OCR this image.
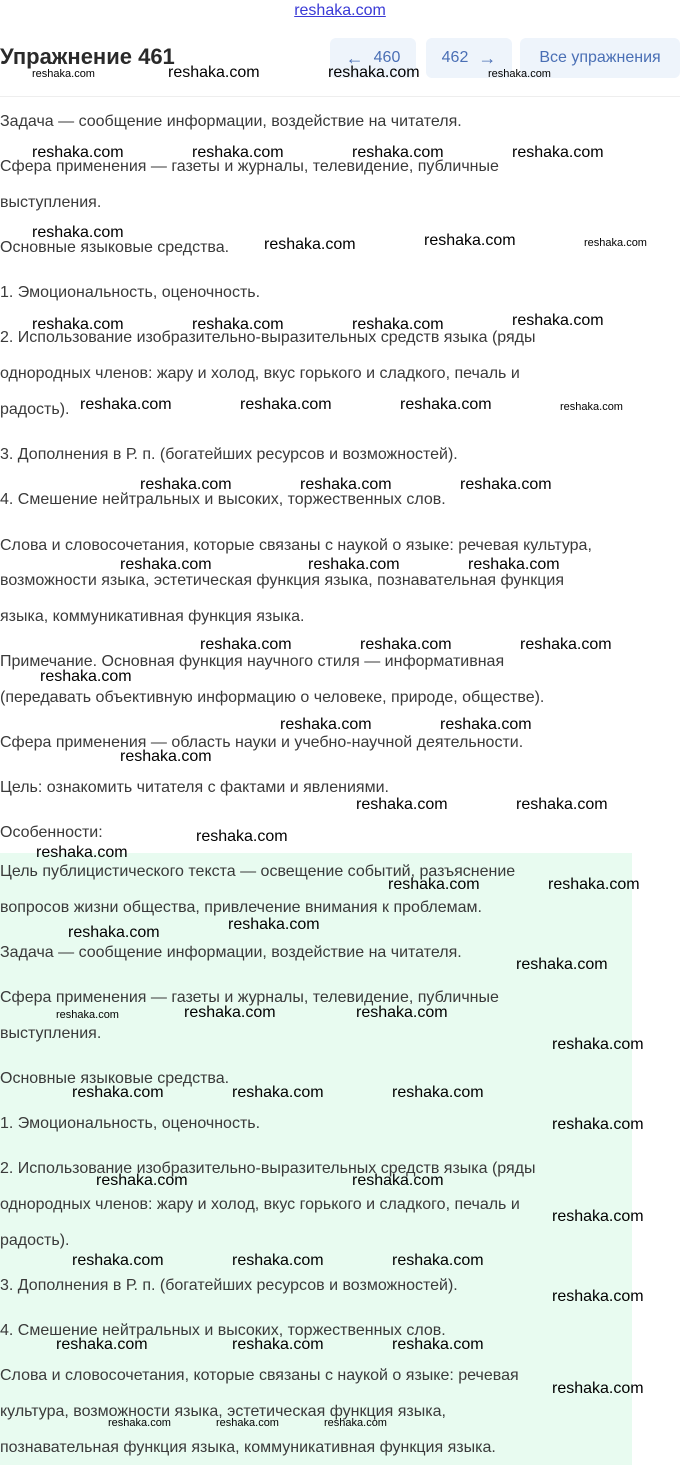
reshaka.com
Упражнение 461	← 460	462 →	Все упражнения
Задача — сообщение информации, воздействие на читателя.
Сфера применения — газеты и журналы, телевидение, публичные
выступления.
Основные языковые средства.
1. Эмоциональность, оценочность.
2. Использование изобразительно-выразительных средств языка (ряды
однородных членов: жару и холод, вкус горького и сладкого, печаль и
радость).
3. Дополнения в Р. п. (богатейших ресурсов и возможностей).
4. Смешение нейтральных и высоких, торжественных слов.
Слова и словосочетания, которые связаны с наукой о языке: речевая культура,
возможности языка, эстетическая функция языка, познавательная функция
языка, коммуникативная функция языка.
Примечание. Основная функция научного стиля — информативная
(передавать объективную информацию о человеке, природе, обществе).
Сфера применения — область науки и учебно-научной деятельности.
Цель: ознакомить читателя с фактами и явлениями.
Особенности:
Цель публицистического текста — освещение событий, разъяснение
вопросов жизни общества, привлечение внимания к проблемам.
Задача — сообщение информации, воздействие на читателя.
Сфера применения — газеты и журналы, телевидение, публичные
выступления.
Основные языковые средства.
1. Эмоциональность, оценочность.
2. Использование изобразительно-выразительных средств языка (ряды
однородных членов: жару и холод, вкус горького и сладкого, печаль и
радость).
3. Дополнения в Р. п. (богатейших ресурсов и возможностей).
4. Смешение нейтральных и высоких, торжественных слов.
Слова и словосочетания, которые связаны с наукой о языке: речевая
культура, возможности языка, эстетическая функция языка,
познавательная функция языка, коммуникативная функция языка.
reshaka.com	reshaka.com	reshaka.com	reshaka.com
reshaka.com	reshaka.com	reshaka.com	reshaka.com
reshaka.com
reshaka.com	reshaka.com	reshaka.com
reshaka.com	reshaka.com	reshaka.com	reshaka.com
reshaka.com	reshaka.com	reshaka.com	reshaka.com
reshaka.com	reshaka.com	reshaka.com
reshaka.com	reshaka.com	reshaka.com
reshaka.com	reshaka.com	reshaka.com
reshaka.com
reshaka.com	reshaka.com
reshaka.com
reshaka.com	reshaka.com
reshaka.com
reshaka.com
reshaka.com	reshaka.com
reshaka.com
reshaka.com
reshaka.com
reshaka.com	reshaka.com	reshaka.com
reshaka.com
reshaka.com	reshaka.com	reshaka.com
reshaka.com
reshaka.com	reshaka.com
reshaka.com
reshaka.com	reshaka.com	reshaka.com
reshaka.com
reshaka.com	reshaka.com	reshaka.com
reshaka.com
reshaka.com	reshaka.com	reshaka.com
